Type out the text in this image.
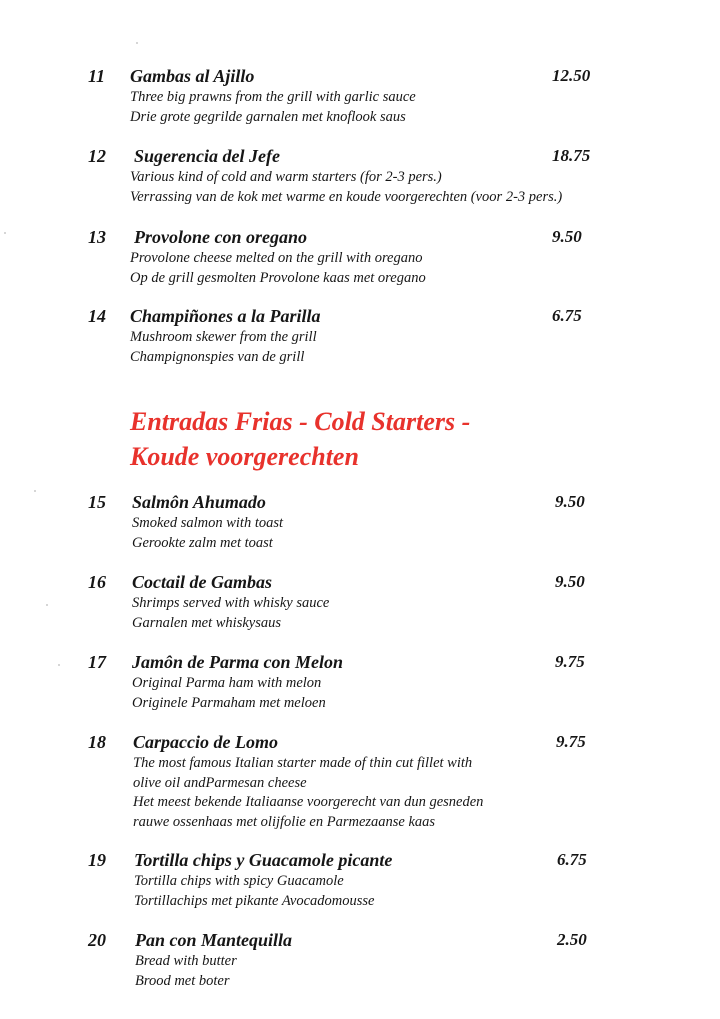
11 Gambas al Ajillo	12.50
Three big prawns from the grill with garlic sauce
Drie grote gegrilde garnalen met knoflook saus
12 Sugerencia del Jefe	18.75
Various kind of cold and warm starters (for 2-3 pers.)
Verrassing van de kok met warme en koude voorgerechten (voor 2-3 pers.)
13 Provolone con oregano	9.50
Provolone cheese melted on the grill with oregano
Op de grill gesmolten Provolone kaas met oregano
14 Champiñones a la Parilla	6.75
Mushroom skewer from the grill
Champignonspies van de grill
Entradas Frias - Cold Starters -
Koude voorgerechten
15 Salmôn Ahumado	9.50
Smoked salmon with toast
Gerookte zalm met toast
16 Coctail de Gambas	9.50
Shrimps served with whisky sauce
Garnalen met whiskysaus
17 Jamôn de Parma con Melon	9.75
Original Parma ham with melon
Originele Parmaham met meloen
18 Carpaccio de Lomo	9.75
The most famous Italian starter made of thin cut fillet with
olive oil andParmesan cheese
Het meest bekende Italiaanse voorgerecht van dun gesneden
rauwe ossenhaas met olijfolie en Parmezaanse kaas
19 Tortilla chips y Guacamole picante	6.75
Tortilla chips with spicy Guacamole
Tortillachips met pikante Avocadomousse
20 Pan con Mantequilla	2.50
Bread with butter
Brood met boter
